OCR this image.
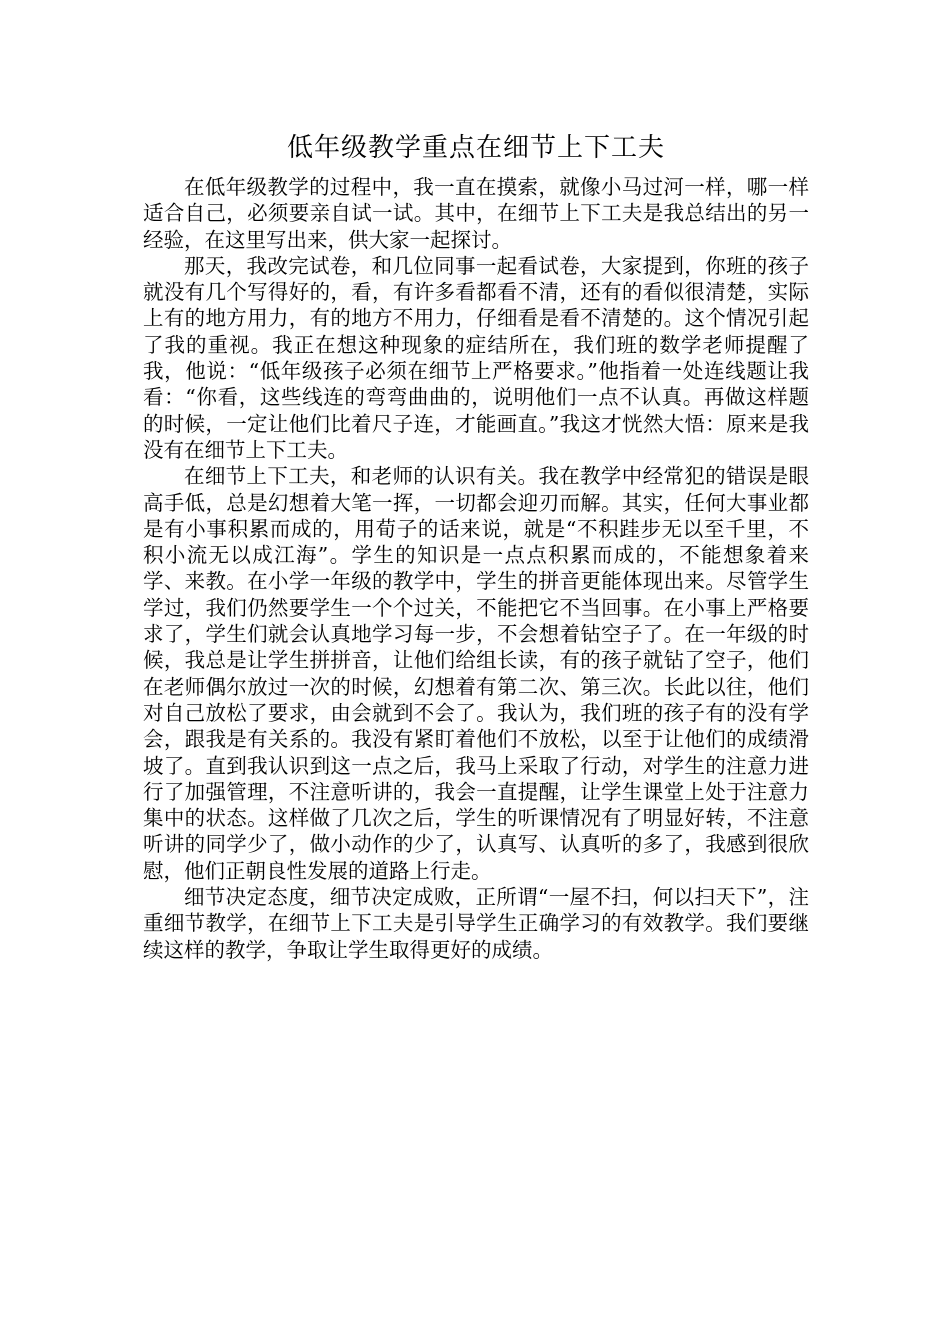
低年级教学重点在细节上下工夫

在低年级教学的过程中，我一直在摸索，就像小马过河一样，哪一样适合自己，必须要亲自试一试。其中，在细节上下工夫是我总结出的另一经验，在这里写出来，供大家一起探讨。

那天，我改完试卷，和几位同事一起看试卷，大家提到，你班的孩子就没有几个写得好的，看，有许多看都看不清，还有的看似很清楚，实际上有的地方用力，有的地方不用力，仔细看是看不清楚的。这个情况引起了我的重视。我正在想这种现象的症结所在，我们班的数学老师提醒了我，他说：“低年级孩子必须在细节上严格要求。”他指着一处连线题让我看：“你看，这些线连的弯弯曲曲的，说明他们一点不认真。再做这样题的时候，一定让他们比着尺子连，才能画直。”我这才恍然大悟：原来是我没有在细节上下工夫。

在细节上下工夫，和老师的认识有关。我在教学中经常犯的错误是眼高手低，总是幻想着大笔一挥，一切都会迎刃而解。其实，任何大事业都是有小事积累而成的，用荀子的话来说，就是“不积跬步无以至千里，不积小流无以成江海”。学生的知识是一点点积累而成的，不能想象着来学、来教。在小学一年级的教学中，学生的拼音更能体现出来。尽管学生学过，我们仍然要学生一个个过关，不能把它不当回事。在小事上严格要求了，学生们就会认真地学习每一步，不会想着钻空子了。在一年级的时候，我总是让学生拼拼音，让他们给组长读，有的孩子就钻了空子，他们在老师偶尔放过一次的时候，幻想着有第二次、第三次。长此以往，他们对自己放松了要求，由会就到不会了。我认为，我们班的孩子有的没有学会，跟我是有关系的。我没有紧盯着他们不放松，以至于让他们的成绩滑坡了。直到我认识到这一点之后，我马上采取了行动，对学生的注意力进行了加强管理，不注意听讲的，我会一直提醒，让学生课堂上处于注意力集中的状态。这样做了几次之后，学生的听课情况有了明显好转，不注意听讲的同学少了，做小动作的少了，认真写、认真听的多了，我感到很欣慰，他们正朝良性发展的道路上行走。

细节决定态度，细节决定成败，正所谓“一屋不扫，何以扫天下”，注重细节教学，在细节上下工夫是引导学生正确学习的有效教学。我们要继续这样的教学，争取让学生取得更好的成绩。
